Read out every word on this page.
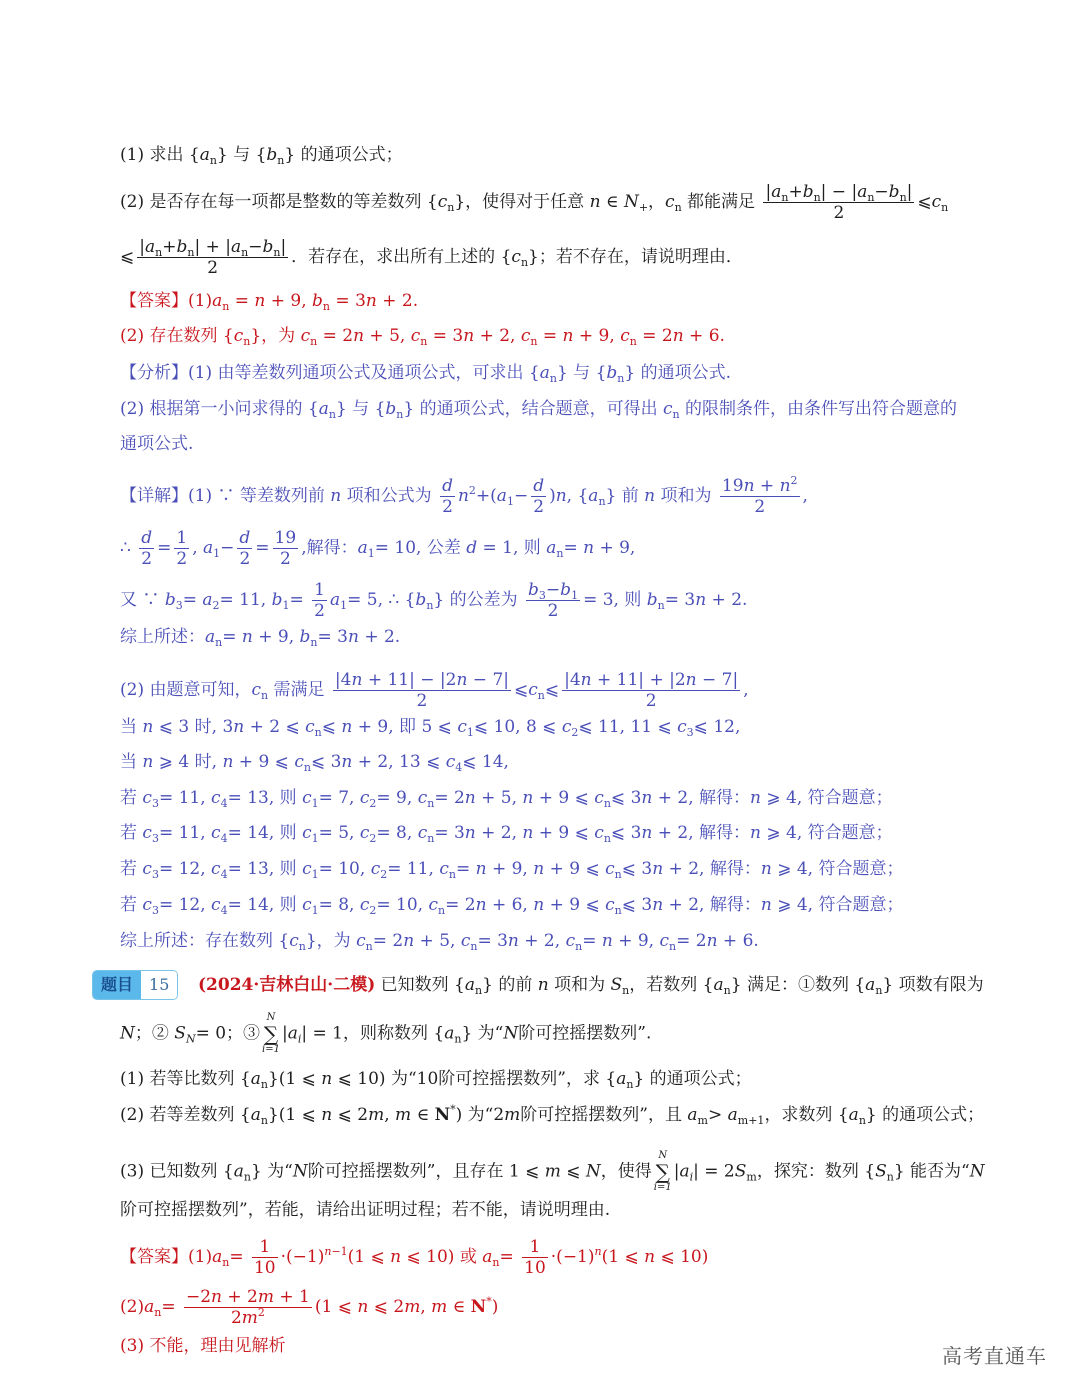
(1) 求出 $\{a_n\}$ 与 $\{b_n\}$ 的通项公式；
(2) 是否存在每一项都是整数的等差数列 $\{c_n\}$，使得对于任意 n ∈ $N_+$，$c_n$ 都能满足 $\frac{|a_n+b_n| - |a_n-b_n|}{2}$ $⩽c_n$
⩽ $\frac{|a_n+b_n| + |a_n-b_n|}{2}$ ．若存在，求出所有上述的 $\{c_n\}$；若不存在，请说明理由．
【答案】$(1)a_n = n + 9$, $b_n = 3n + 2$.
(2) 存在数列 $\{c_n\}$，为 $c_n = 2n + 5$, $c_n = 3n + 2$, $c_n = n + 9$, $c_n = 2n + 6$.
【分析】(1) 由等差数列通项公式及通项公式，可求出 $\{a_n\}$ 与 $\{b_n\}$ 的通项公式.
(2) 根据第一小问求得的 $\{a_n\}$ 与 $\{b_n\}$ 的通项公式，结合题意，可得出 $c_n$ 的限制条件，由条件写出符合题意的
通项公式.
【详解】(1) ∵ 等差数列前 n 项和公式为 $\frac{d}{2} n^2+(a_1- \frac{d}{2} )n$, $\{a_n\}$ 前 n 项和为 $\frac{19n + n^2}{2}$ ,
∴ $\frac{d}{2} = \frac{1}{2}$ , $a_1- \frac{d}{2} = \frac{19}{2}$ ,解得：$a_1= 10$, 公差 d = 1, 则 $a_n= n + 9$,
又 ∵ $b_3= a_2= 11$, $b_1= \frac{1}{2} a_1= 5$, ∴ $\{b_n\}$ 的公差为 $\frac{b_3-b_1}{2} = 3$, 则 $b_n= 3n + 2$.
综上所述：$a_n= n + 9$, $b_n= 3n + 2$.
(2) 由题意可知，$c_n$ 需满足 $\frac{|4n + 11| - |2n - 7|}{2}$ $⩽c_n⩽ \frac{|4n + 11| + |2n - 7|}{2}$ ,
当 n ⩽ 3 时, 3n + 2 ⩽ $c_n⩽$ n + 9, 即 5 ⩽ $c_1⩽$ 10, 8 ⩽ $c_2⩽$ 11, 11 ⩽ $c_3⩽$ 12,
当 n ⩾ 4 时, n + 9 ⩽ $c_n⩽$ 3n + 2, 13 ⩽ $c_4⩽$ 14,
若 $c_3= 11$, $c_4= 13$, 则 $c_1= 7$, $c_2= 9$, $c_n= 2n + 5$, n + 9 ⩽ $c_n⩽$ 3n + 2, 解得：n ⩾ 4, 符合题意；
若 $c_3= 11$, $c_4= 14$, 则 $c_1= 5$, $c_2= 8$, $c_n= 3n + 2$, n + 9 ⩽ $c_n⩽$ 3n + 2, 解得：n ⩾ 4, 符合题意；
若 $c_3= 12$, $c_4= 13$, 则 $c_1= 10$, $c_2= 11$, $c_n= n + 9$, n + 9 ⩽ $c_n⩽$ 3n + 2, 解得：n ⩾ 4, 符合题意；
若 $c_3= 12$, $c_4= 14$, 则 $c_1= 8$, $c_2= 10$, $c_n= 2n + 6$, n + 9 ⩽ $c_n⩽$ 3n + 2, 解得：n ⩾ 4, 符合题意；
综上所述：存在数列 $\{c_n\}$，为 $c_n= 2n + 5$, $c_n= 3n + 2$, $c_n= n + 9$, $c_n= 2n + 6$.
题目	15	(2024·吉林白山·二模) 已知数列 $\{a_n\}$ 的前 n 项和为 $S_n$，若数列 $\{a_n\}$ 满足：①数列 $\{a_n\}$ 项数有限为
N；② $S_N= 0$；③
N
∑
i=1
$|a_i| = 1$，则称数列 $\{a_n\}$ 为“N阶可控摇摆数列”.
(1) 若等比数列 $\{a_n\}(1$ ⩽ n ⩽ 10) 为“10阶可控摇摆数列”，求 $\{a_n\}$ 的通项公式；
(2) 若等差数列 $\{a_n\}(1$ ⩽ n ⩽ 2m, m ∈ N*) 为“2m阶可控摇摆数列”，且 $a_m> a_{m+1}$，求数列 $\{a_n\}$ 的通项公式；
(3) 已知数列 $\{a_n\}$ 为“N阶可控摇摆数列”，且存在 1 ⩽ m ⩽ N，使得
N
∑
i=1
$|a_i| = 2S_m$，探究：数列 $\{S_n\}$ 能否为“N
阶可控摇摆数列”，若能，请给出证明过程；若不能，请说明理由.
【答案】$(1)a_n= \frac{1}{10} \cdot(-1)^{n-1}(1$ ⩽ n ⩽ 10) 或 $a_n= \frac{1}{10} \cdot(-1)^n(1$ ⩽ n ⩽ 10)
$(2)a_n= \frac{-2n + 2m + 1}{2m^2} (1$ ⩽ n ⩽ 2m, m ∈ N*)
(3) 不能，理由见解析	高考直通车
